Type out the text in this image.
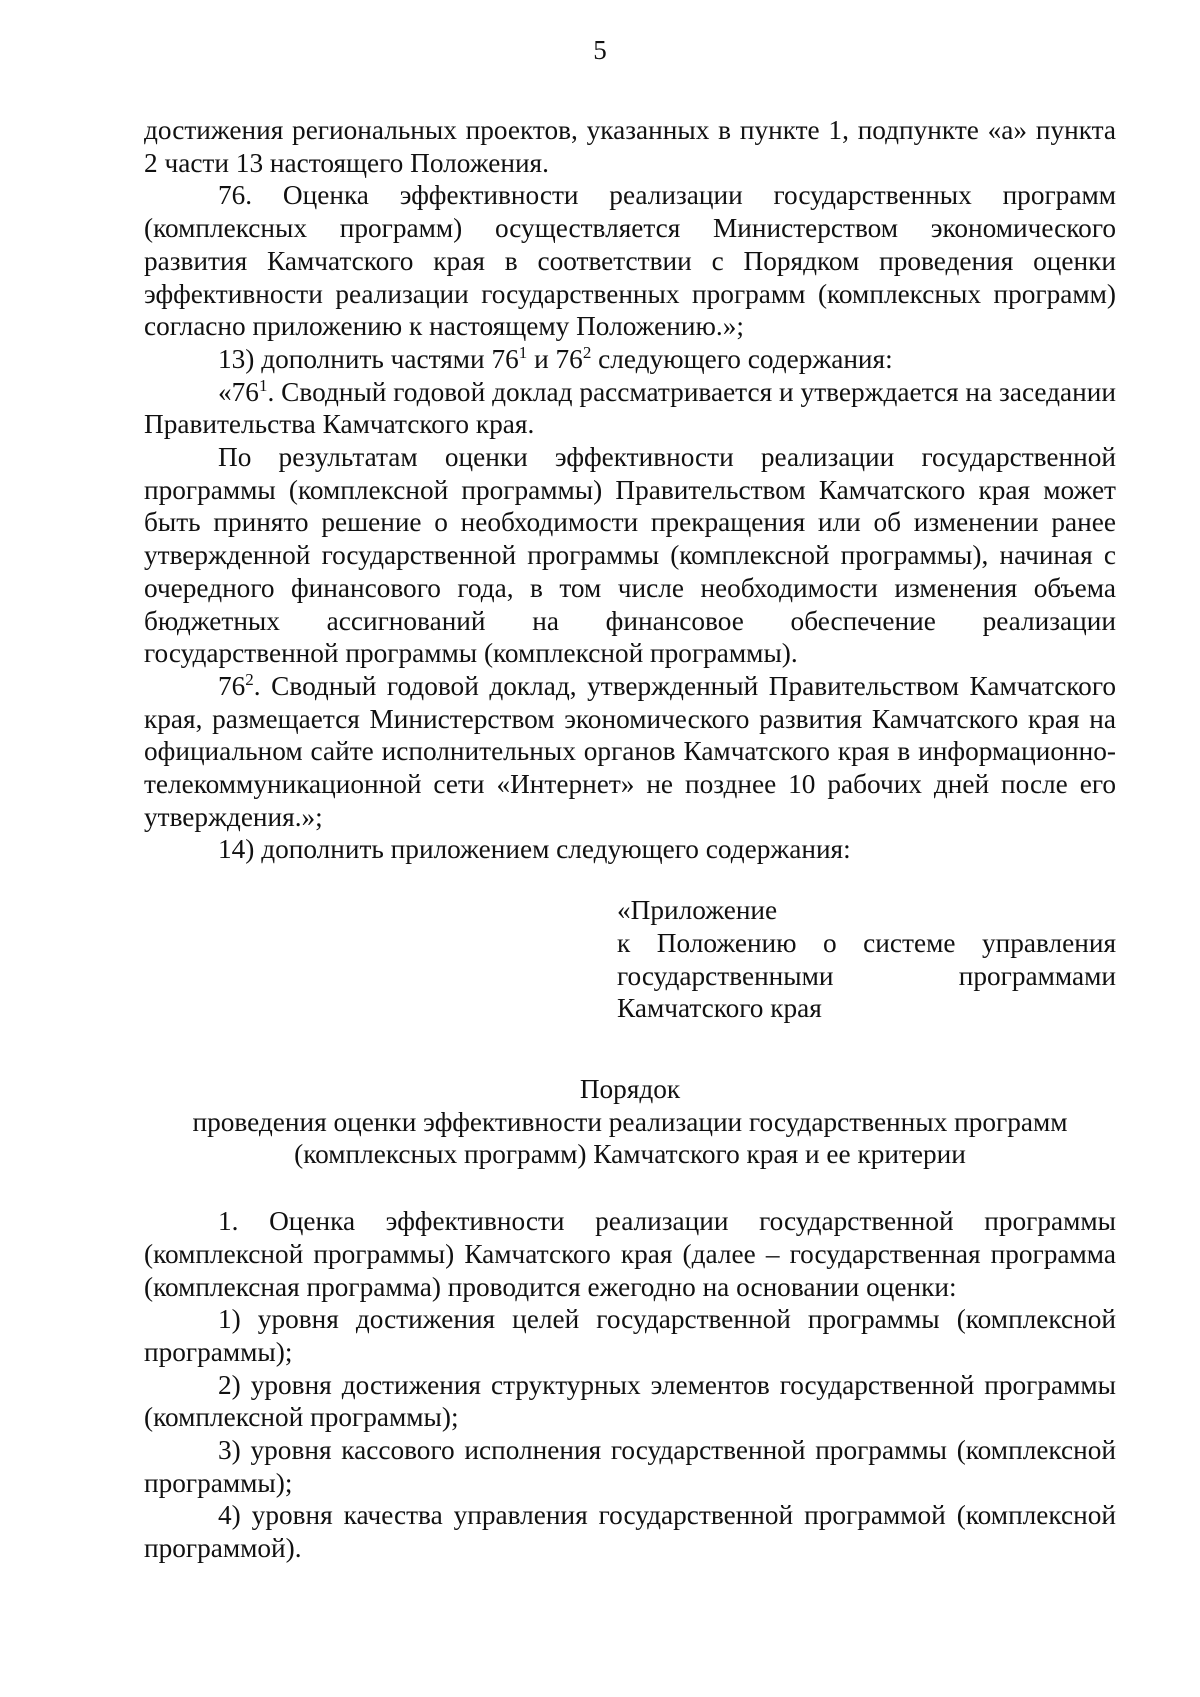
5

достижения региональных проектов, указанных в пункте 1, подпункте «а» пункта 2 части 13 настоящего Положения.

76. Оценка эффективности реализации государственных программ (комплексных программ) осуществляется Министерством экономического развития Камчатского края в соответствии с Порядком проведения оценки эффективности реализации государственных программ (комплексных программ) согласно приложению к настоящему Положению.»;

13) дополнить частями $76^1$ и $76^2$ следующего содержания:

«$76^1$. Сводный годовой доклад рассматривается и утверждается на заседании Правительства Камчатского края.

По результатам оценки эффективности реализации государственной программы (комплексной программы) Правительством Камчатского края может быть принято решение о необходимости прекращения или об изменении ранее утвержденной государственной программы (комплексной программы), начиная с очередного финансового года, в том числе необходимости изменения объема бюджетных ассигнований на финансовое обеспечение реализации государственной программы (комплексной программы).

$76^2$. Сводный годовой доклад, утвержденный Правительством Камчатского края, размещается Министерством экономического развития Камчатского края на официальном сайте исполнительных органов Камчатского края в информационно-телекоммуникационной сети «Интернет» не позднее 10 рабочих дней после его утверждения.»;

14) дополнить приложением следующего содержания:

«Приложение

к Положению о системе управления государственными программами Камчатского края

Порядок

проведения оценки эффективности реализации государственных программ

(комплексных программ) Камчатского края и ее критерии

1. Оценка эффективности реализации государственной программы (комплексной программы) Камчатского края (далее – государственная программа (комплексная программа) проводится ежегодно на основании оценки:

1) уровня достижения целей государственной программы (комплексной программы);

2) уровня достижения структурных элементов государственной программы (комплексной программы);

3) уровня кассового исполнения государственной программы (комплексной программы);

4) уровня качества управления государственной программой (комплексной программой).
